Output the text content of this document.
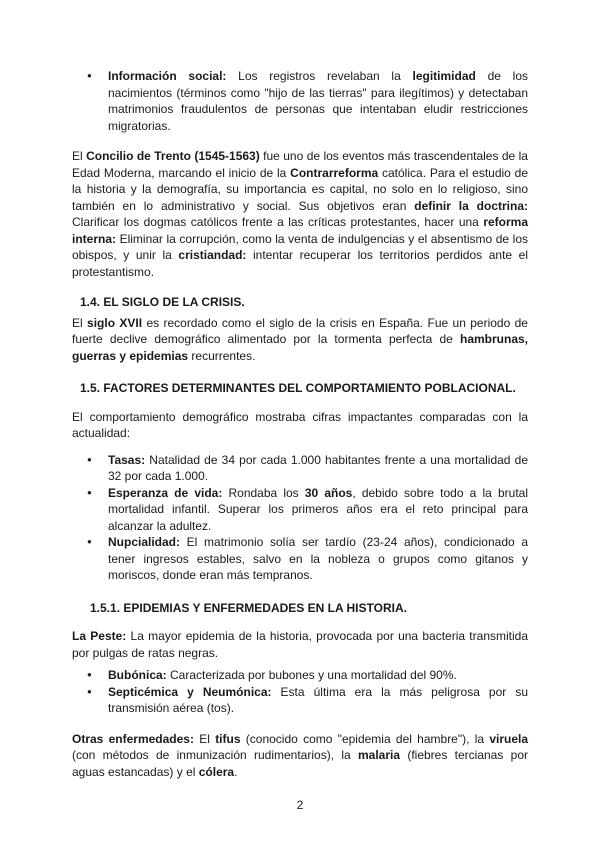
● Información social: Los registros revelaban la legitimidad de los nacimientos (términos como "hijo de las tierras" para ilegítimos) y detectaban matrimonios fraudulentos de personas que intentaban eludir restricciones migratorias.

El Concilio de Trento (1545-1563) fue uno de los eventos más trascendentales de la Edad Moderna, marcando el inicio de la Contrarreforma católica. Para el estudio de la historia y la demografía, su importancia es capital, no solo en lo religioso, sino también en lo administrativo y social. Sus objetivos eran definir la doctrina: Clarificar los dogmas católicos frente a las críticas protestantes, hacer una reforma interna: Eliminar la corrupción, como la venta de indulgencias y el absentismo de los obispos, y unir la cristiandad: intentar recuperar los territorios perdidos ante el protestantismo.

1.4. EL SIGLO DE LA CRISIS.

El siglo XVII es recordado como el siglo de la crisis en España. Fue un periodo de fuerte declive demográfico alimentado por la tormenta perfecta de hambrunas, guerras y epidemias recurrentes.

1.5. FACTORES DETERMINANTES DEL COMPORTAMIENTO POBLACIONAL.

El comportamiento demográfico mostraba cifras impactantes comparadas con la actualidad:

● Tasas: Natalidad de 34 por cada 1.000 habitantes frente a una mortalidad de 32 por cada 1.000.
● Esperanza de vida: Rondaba los 30 años, debido sobre todo a la brutal mortalidad infantil. Superar los primeros años era el reto principal para alcanzar la adultez.
● Nupcialidad: El matrimonio solía ser tardío (23-24 años), condicionado a tener ingresos estables, salvo en la nobleza o grupos como gitanos y moriscos, donde eran más tempranos.
1.5.1. EPIDEMIAS Y ENFERMEDADES EN LA HISTORIA.

La Peste: La mayor epidemia de la historia, provocada por una bacteria transmitida por pulgas de ratas negras.

● Bubónica: Caracterizada por bubones y una mortalidad del 90%.
● Septicémica y Neumónica: Esta última era la más peligrosa por su transmisión aérea (tos).

Otras enfermedades: El tifus (conocido como "epidemia del hambre"), la viruela (con métodos de inmunización rudimentarios), la malaria (fiebres tercianas por aguas estancadas) y el cólera.

2
